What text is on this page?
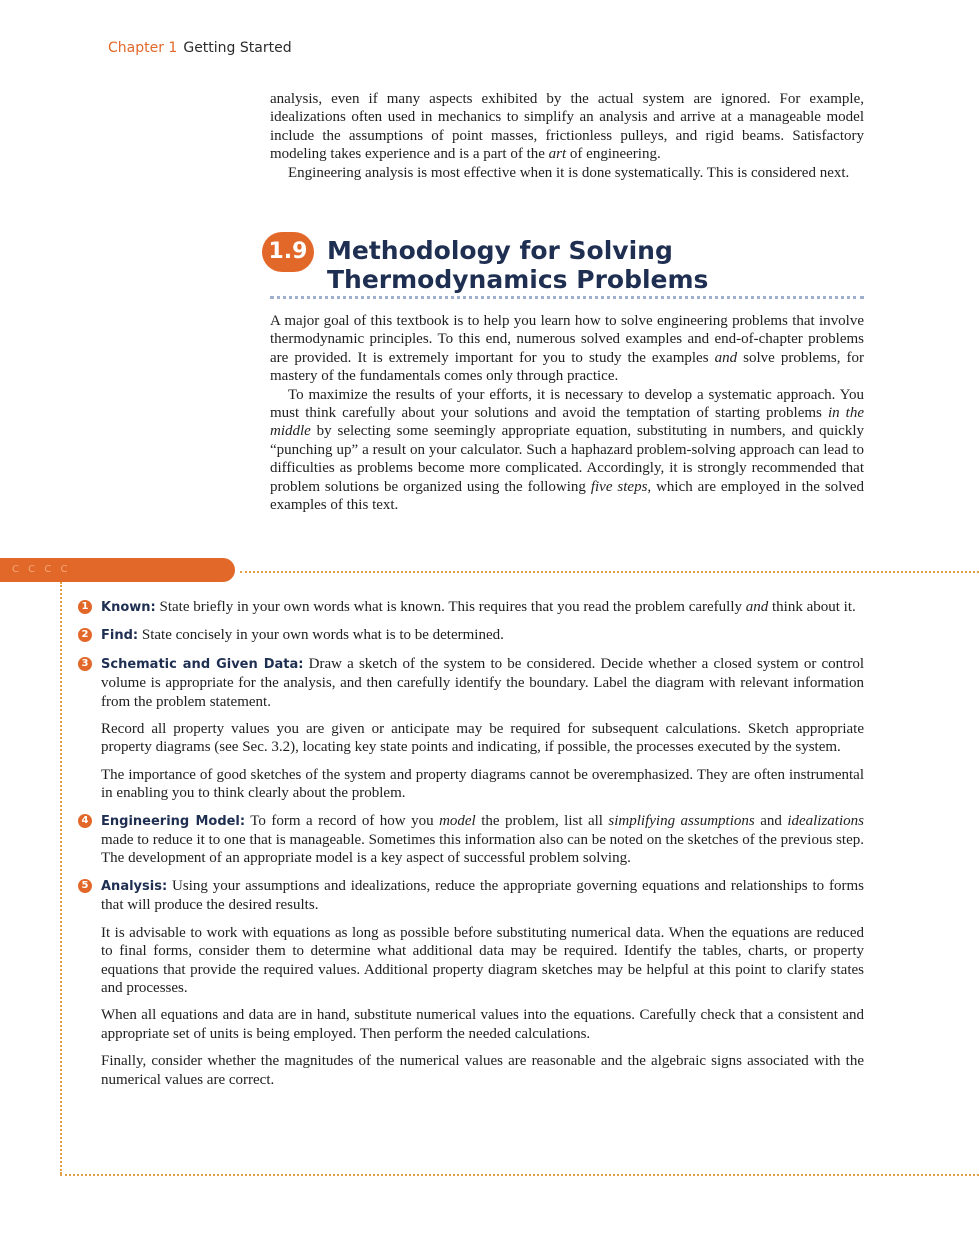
Chapter 1 Getting Started

analysis, even if many aspects exhibited by the actual system are ignored. For example, idealizations often used in mechanics to simplify an analysis and arrive at a manageable model include the assumptions of point masses, frictionless pulleys, and rigid beams. Satisfactory modeling takes experience and is a part of the art of engineering.

Engineering analysis is most effective when it is done systematically. This is considered next.

1.9 Methodology for Solving
Thermodynamics Problems

A major goal of this textbook is to help you learn how to solve engineering problems that involve thermodynamic principles. To this end, numerous solved examples and end-of-chapter problems are provided. It is extremely important for you to study the examples and solve problems, for mastery of the fundamentals comes only through practice.

To maximize the results of your efforts, it is necessary to develop a systematic approach. You must think carefully about your solutions and avoid the temptation of starting problems in the middle by selecting some seemingly appropriate equation, substituting in numbers, and quickly “punching up” a result on your calculator. Such a haphazard problem-solving approach can lead to difficulties as problems become more complicated. Accordingly, it is strongly recommended that problem solutions be organized using the following five steps, which are employed in the solved examples of this text.

C C C C
1 Known: State briefly in your own words what is known. This requires that you read the problem carefully and think about it.

2 Find: State concisely in your own words what is to be determined.

3 Schematic and Given Data: Draw a sketch of the system to be considered. Decide whether a closed system or control volume is appropriate for the analysis, and then carefully identify the boundary. Label the diagram with relevant information from the problem statement.

Record all property values you are given or anticipate may be required for subsequent calculations. Sketch appropriate property diagrams (see Sec. 3.2), locating key state points and indicating, if possible, the processes executed by the system.

The importance of good sketches of the system and property diagrams cannot be overemphasized. They are often instrumental in enabling you to think clearly about the problem.

4 Engineering Model: To form a record of how you model the problem, list all simplifying assumptions and idealizations made to reduce it to one that is manageable. Sometimes this information also can be noted on the sketches of the previous step. The development of an appropriate model is a key aspect of successful problem solving.

5 Analysis: Using your assumptions and idealizations, reduce the appropriate governing equations and relationships to forms that will produce the desired results.

It is advisable to work with equations as long as possible before substituting numerical data. When the equations are reduced to final forms, consider them to determine what additional data may be required. Identify the tables, charts, or property equations that provide the required values. Additional property diagram sketches may be helpful at this point to clarify states and processes.

When all equations and data are in hand, substitute numerical values into the equations. Carefully check that a consistent and appropriate set of units is being employed. Then perform the needed calculations.

Finally, consider whether the magnitudes of the numerical values are reasonable and the algebraic signs associated with the numerical values are correct.
